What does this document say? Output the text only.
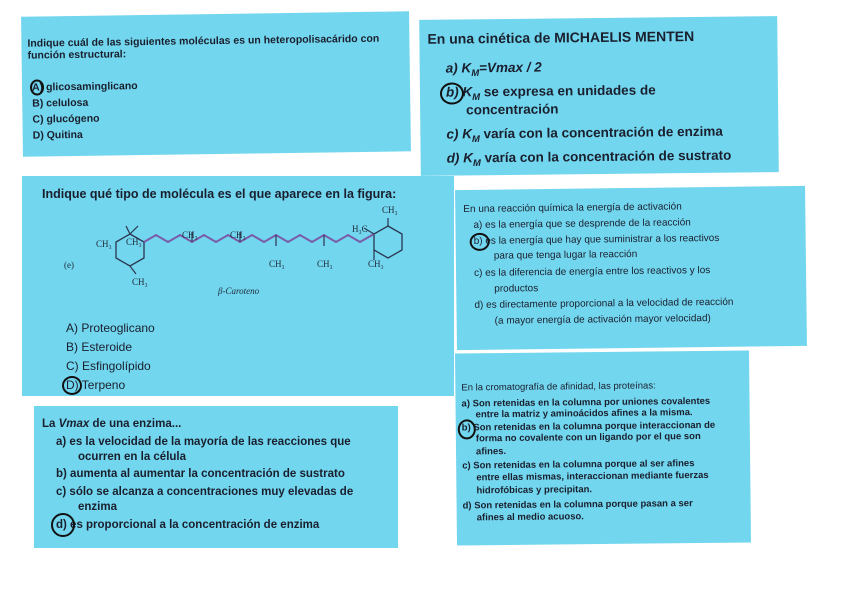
Indique cuál de las siguientes moléculas es un heteropolisacárido con función estructural:
A) glicosaminglicano
B) celulosa
C) glucógeno
D) Quitina
En una cinética de MICHAELIS MENTEN
a) $K_M=Vmax / 2$
b) $K_M$ se expresa en unidades de
concentración
c) $K_M$ varía con la concentración de enzima
d) $K_M$ varía con la concentración de sustrato
Indique qué tipo de molécula es el que aparece en la figura:
(e)
CH₃ CH₃
CH₃
CH₃	CH₃
H₃C
CH₃
CH₃	CH₃	CH₃
β-Caroteno
A) Proteoglicano
B) Esteroide
C) Esfingolípido
D) Terpeno
En una reacción química la energía de activación
a) es la energía que se desprende de la reacción
b) es la energía que hay que suministrar a los reactivos
para que tenga lugar la reacción
c) es la diferencia de energía entre los reactivos y los
productos
d) es directamente proporcional a la velocidad de reacción
(a mayor energía de activación mayor velocidad)
La Vmax de una enzima...
a) es la velocidad de la mayoría de las reacciones que
ocurren en la célula
b) aumenta al aumentar la concentración de sustrato
c) sólo se alcanza a concentraciones muy elevadas de
enzima
d) es proporcional a la concentración de enzima
En la cromatografía de afinidad, las proteínas:
a) Son retenidas en la columna por uniones covalentes
entre la matriz y aminoácidos afines a la misma.
b) Son retenidas en la columna porque interaccionan de
forma no covalente con un ligando por el que son
afines.
c) Son retenidas en la columna porque al ser afines
entre ellas mismas, interaccionan mediante fuerzas
hidrofóbicas y precipitan.
d) Son retenidas en la columna porque pasan a ser
afines al medio acuoso.
